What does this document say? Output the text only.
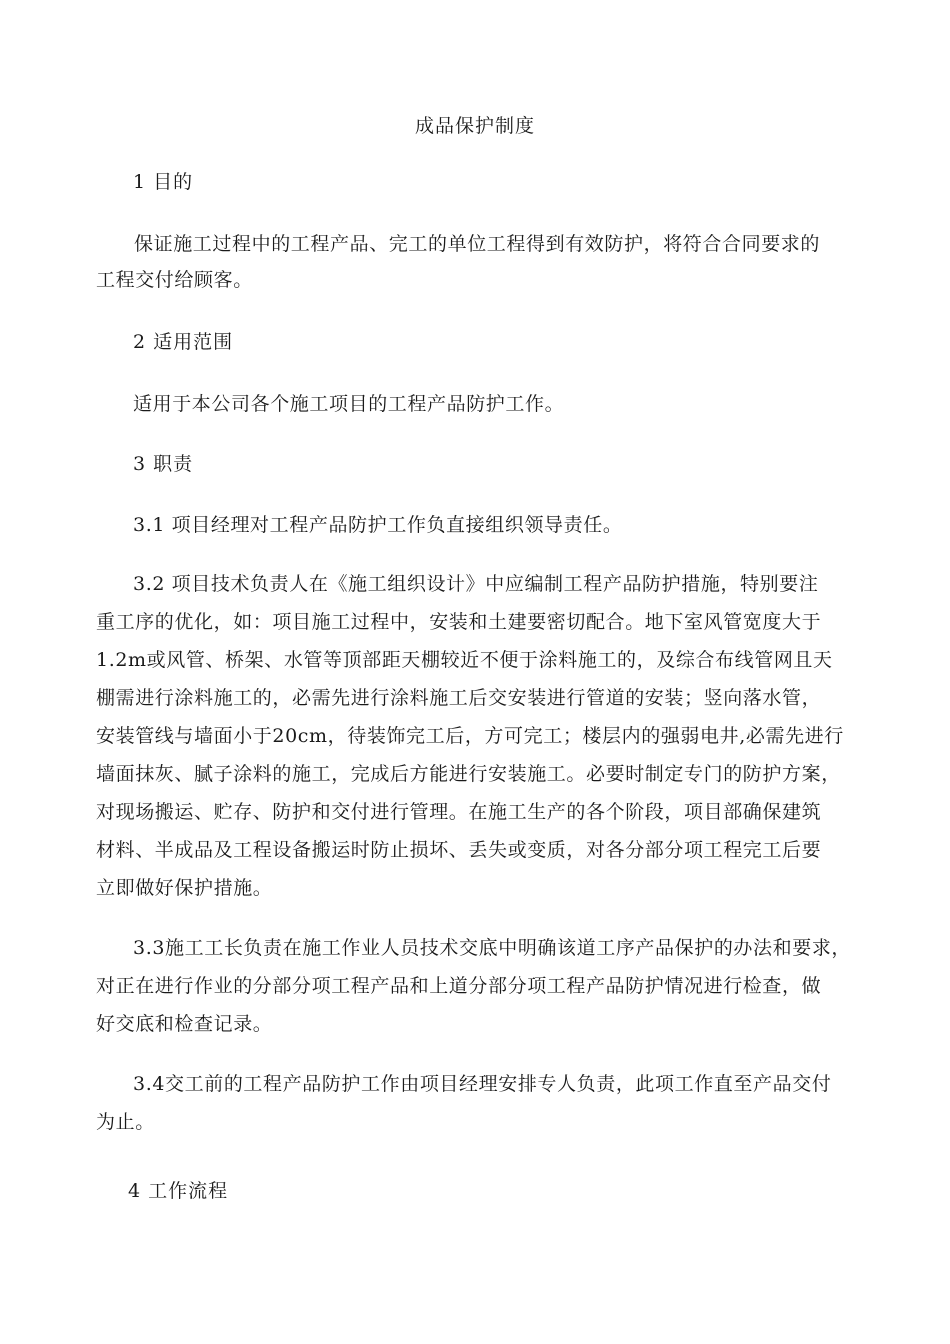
成品保护制度
1 目的
保证施工过程中的工程产品、完工的单位工程得到有效防护，将符合合同要求的
工程交付给顾客。
2 适用范围
适用于本公司各个施工项目的工程产品防护工作。
3 职责
3.1 项目经理对工程产品防护工作负直接组织领导责任。
3.2 项目技术负责人在《施工组织设计》中应编制工程产品防护措施，特别要注
重工序的优化，如：项目施工过程中，安装和土建要密切配合。地下室风管宽度大于
1.2m或风管、桥架、水管等顶部距天棚较近不便于涂料施工的，及综合布线管网且天
棚需进行涂料施工的，必需先进行涂料施工后交安装进行管道的安装；竖向落水管，
安装管线与墙面小于20cm，待装饰完工后，方可完工；楼层内的强弱电井,必需先进行
墙面抹灰、腻子涂料的施工，完成后方能进行安装施工。必要时制定专门的防护方案，
对现场搬运、贮存、防护和交付进行管理。在施工生产的各个阶段，项目部确保建筑
材料、半成品及工程设备搬运时防止损坏、丢失或变质，对各分部分项工程完工后要
立即做好保护措施。
3.3施工工长负责在施工作业人员技术交底中明确该道工序产品保护的办法和要求，
对正在进行作业的分部分项工程产品和上道分部分项工程产品防护情况进行检查，做
好交底和检查记录。
3.4交工前的工程产品防护工作由项目经理安排专人负责，此项工作直至产品交付
为止。
4 工作流程
